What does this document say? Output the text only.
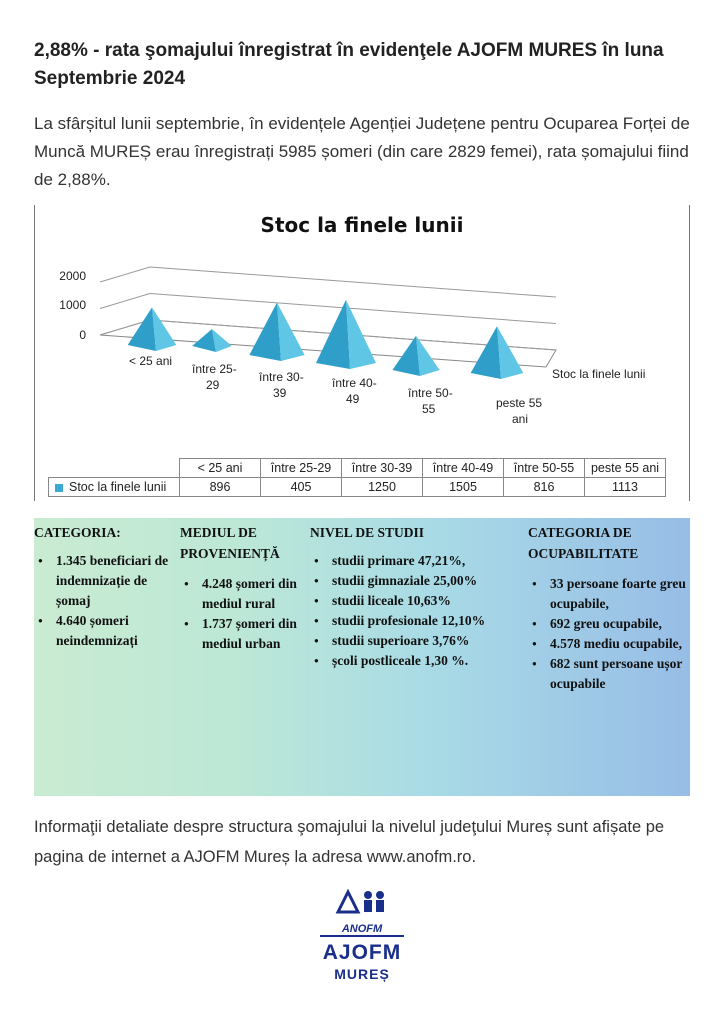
2,88% - rata şomajului înregistrat în evidenţele AJOFM MURES în luna Septembrie 2024
La sfârșitul lunii septembrie, în evidențele Agenției Județene pentru Ocuparea Forței de Muncă MUREȘ erau înregistrați 5985 șomeri (din care 2829 femei), rata șomajului fiind de 2,88%.
Stoc la finele lunii
2000
1000
0
< 25 ani
între 25-29
între 30-39
între 40-49	între 50-55	peste 55 ani
Stoc la finele lunii
	< 25 ani	între 25-29	între 30-39	între 40-49	între 50-55	peste 55 ani
Stoc la finele lunii	896	405	1250	1505	816	1113
CATEGORIA:
● 1.345 beneficiari de indemnizație de șomaj
● 4.640 șomeri neindemnizați
MEDIUL DE PROVENIENȚĂ
● 4.248 șomeri din mediul rural
● 1.737 șomeri din mediul urban
NIVEL DE STUDII
● studii primare 47,21%,
● studii gimnaziale 25,00%
● studii liceale 10,63%
● studii profesionale 12,10%
● studii superioare 3,76%
● școli postliceale 1,30 %.
CATEGORIA DE OCUPABILITATE
● 33 persoane foarte greu ocupabile,
● 692 greu ocupabile,
● 4.578 mediu ocupabile,
● 682 sunt persoane ușor ocupabile
Informaţii detaliate despre structura şomajului la nivelul judeţului Mureș sunt afișate pe pagina de internet a AJOFM Mureș la adresa www.anofm.ro.
ANOFM
AJOFM
MUREȘ
